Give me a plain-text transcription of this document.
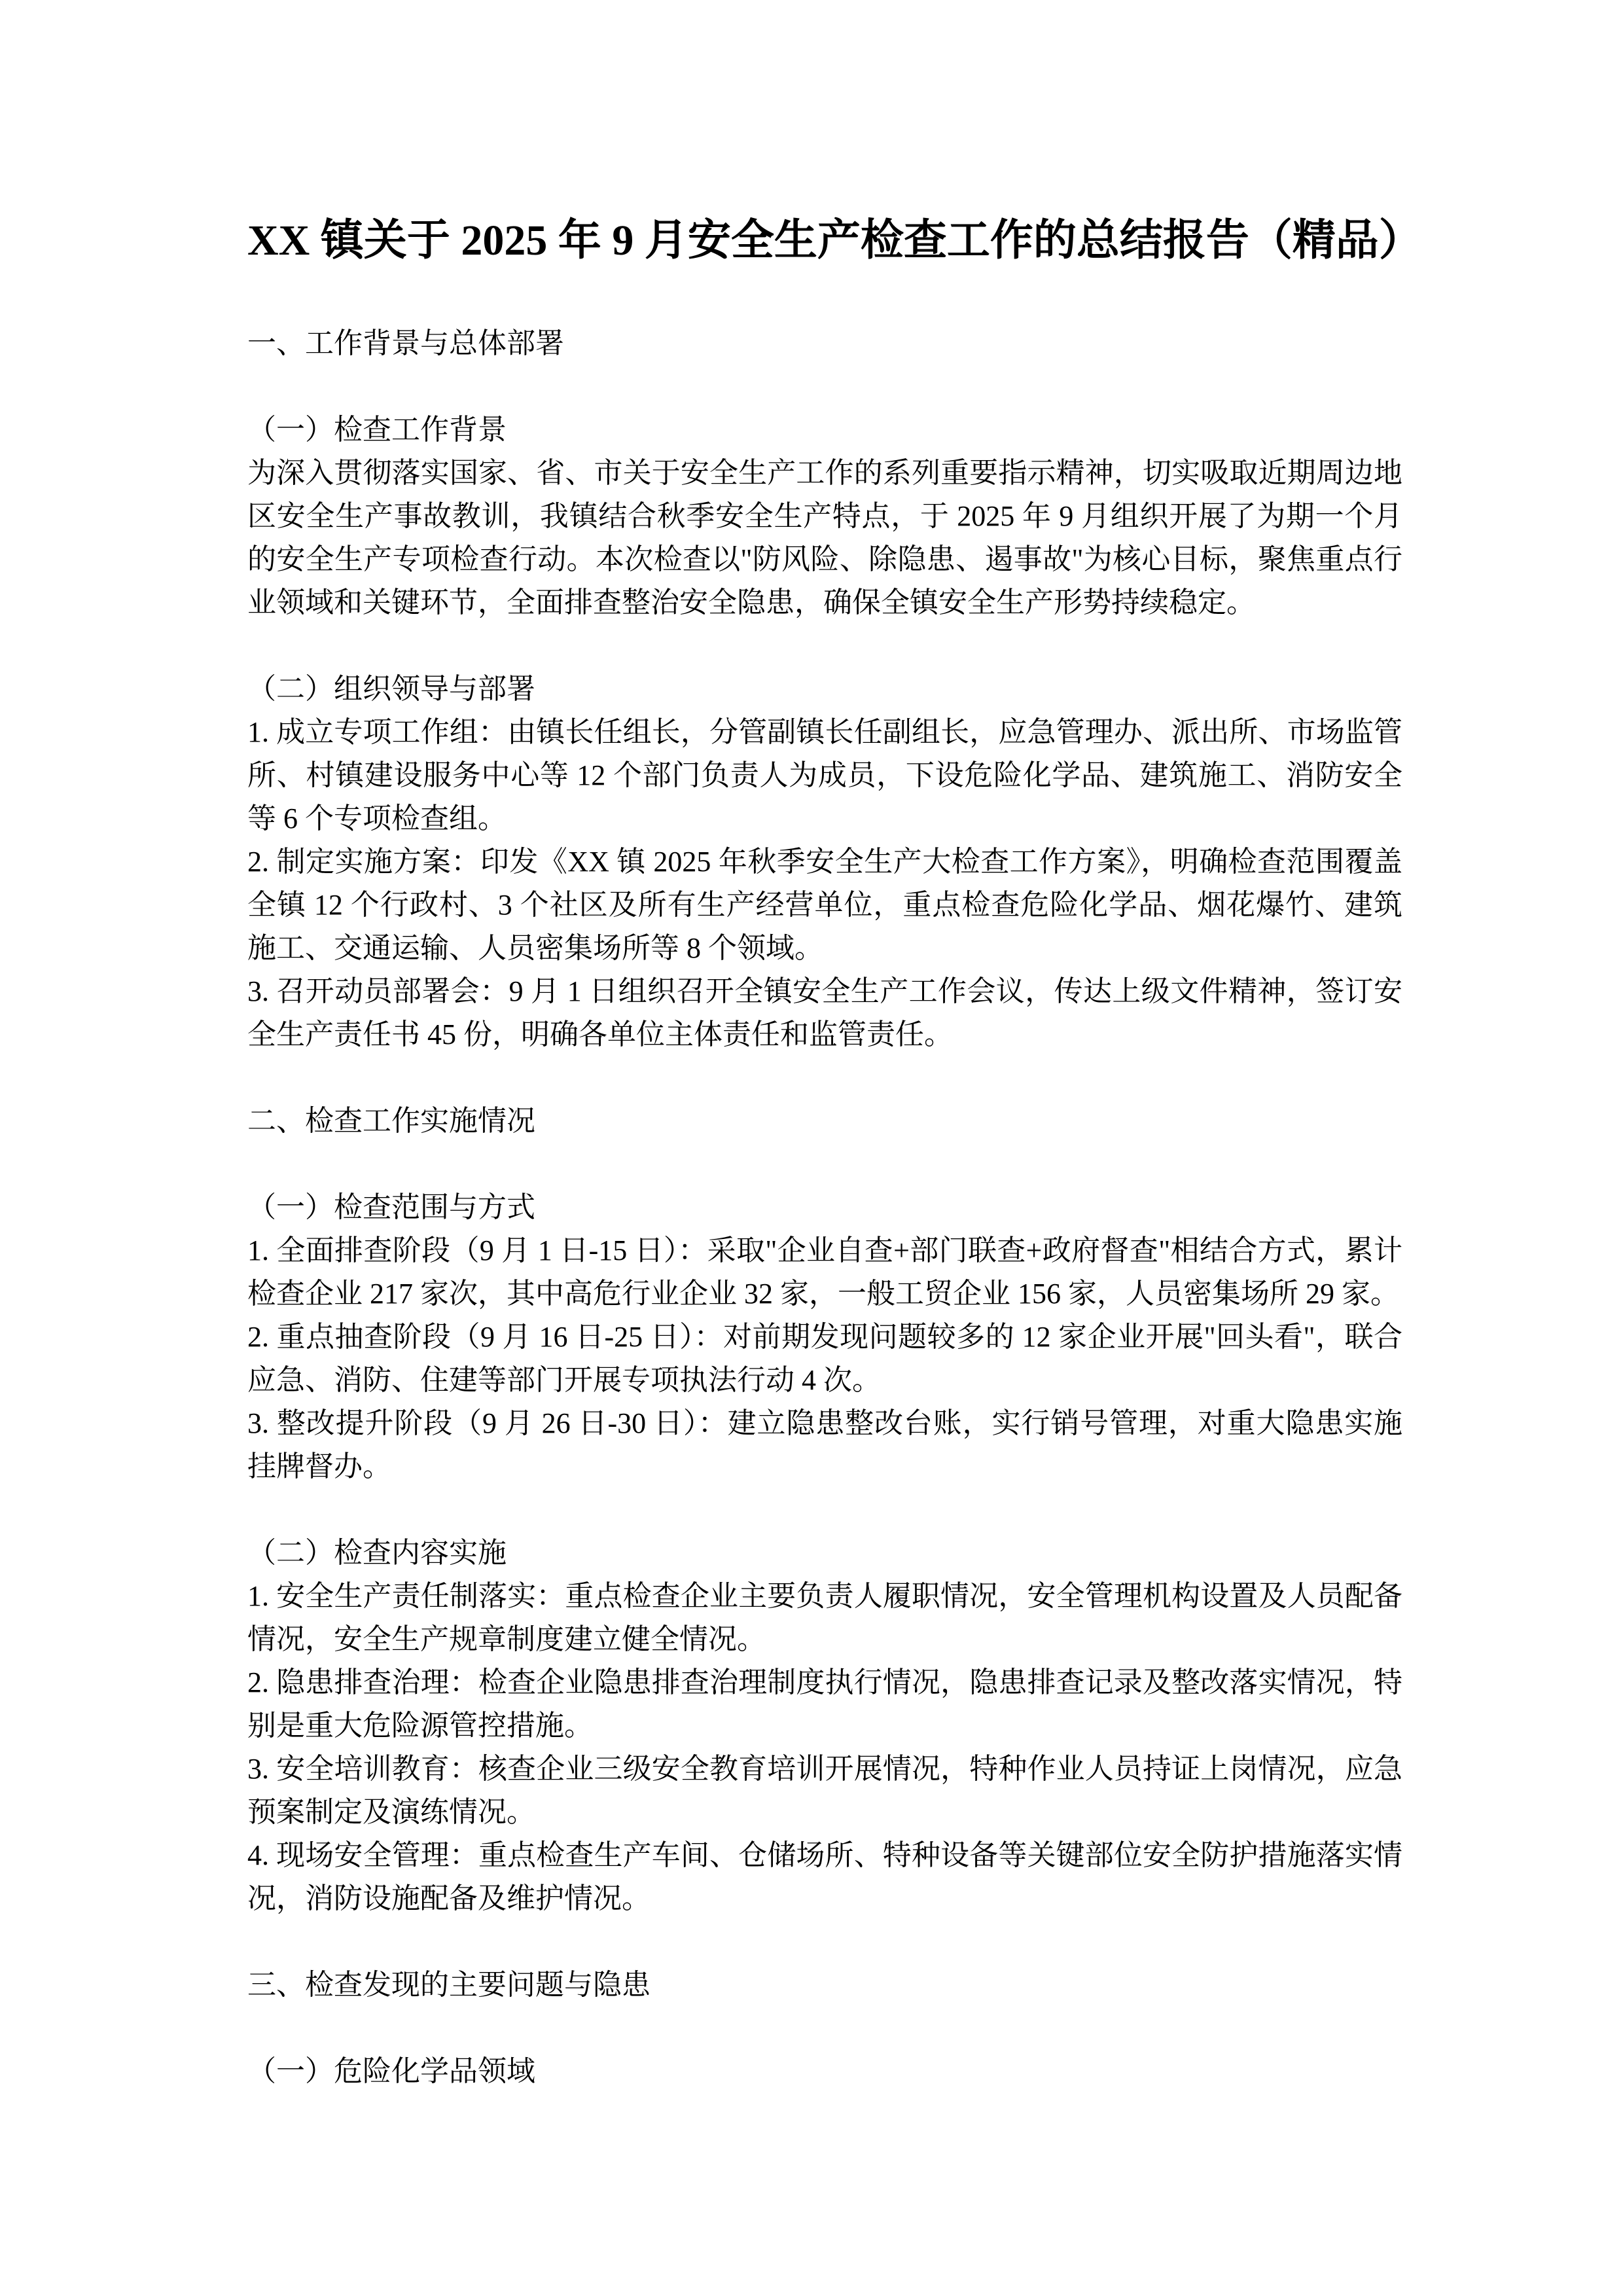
XX 镇关于 2025 年 9 月安全生产检查工作的总结报告（精品）

一、工作背景与总体部署

（一）检查工作背景

为深入贯彻落实国家、省、市关于安全生产工作的系列重要指示精神，切实吸取近期周边地区安全生产事故教训，我镇结合秋季安全生产特点，于 2025 年 9 月组织开展了为期一个月的安全生产专项检查行动。本次检查以"防风险、除隐患、遏事故"为核心目标，聚焦重点行业领域和关键环节，全面排查整治安全隐患，确保全镇安全生产形势持续稳定。

（二）组织领导与部署

1. 成立专项工作组：由镇长任组长，分管副镇长任副组长，应急管理办、派出所、市场监管所、村镇建设服务中心等 12 个部门负责人为成员，下设危险化学品、建筑施工、消防安全等 6 个专项检查组。

2. 制定实施方案：印发《XX 镇 2025 年秋季安全生产大检查工作方案》，明确检查范围覆盖全镇 12 个行政村、3 个社区及所有生产经营单位，重点检查危险化学品、烟花爆竹、建筑施工、交通运输、人员密集场所等 8 个领域。

3. 召开动员部署会：9 月 1 日组织召开全镇安全生产工作会议，传达上级文件精神，签订安全生产责任书 45 份，明确各单位主体责任和监管责任。

二、检查工作实施情况

（一）检查范围与方式

1. 全面排查阶段（9 月 1 日-15 日）：采取"企业自查+部门联查+政府督查"相结合方式，累计检查企业 217 家次，其中高危行业企业 32 家，一般工贸企业 156 家，人员密集场所 29 家。

2. 重点抽查阶段（9 月 16 日-25 日）：对前期发现问题较多的 12 家企业开展"回头看"，联合应急、消防、住建等部门开展专项执法行动 4 次。

3. 整改提升阶段（9 月 26 日-30 日）：建立隐患整改台账，实行销号管理，对重大隐患实施挂牌督办。

（二）检查内容实施

1. 安全生产责任制落实：重点检查企业主要负责人履职情况，安全管理机构设置及人员配备情况，安全生产规章制度建立健全情况。

2. 隐患排查治理：检查企业隐患排查治理制度执行情况，隐患排查记录及整改落实情况，特别是重大危险源管控措施。

3. 安全培训教育：核查企业三级安全教育培训开展情况，特种作业人员持证上岗情况，应急预案制定及演练情况。

4. 现场安全管理：重点检查生产车间、仓储场所、特种设备等关键部位安全防护措施落实情况，消防设施配备及维护情况。

三、检查发现的主要问题与隐患

（一）危险化学品领域
